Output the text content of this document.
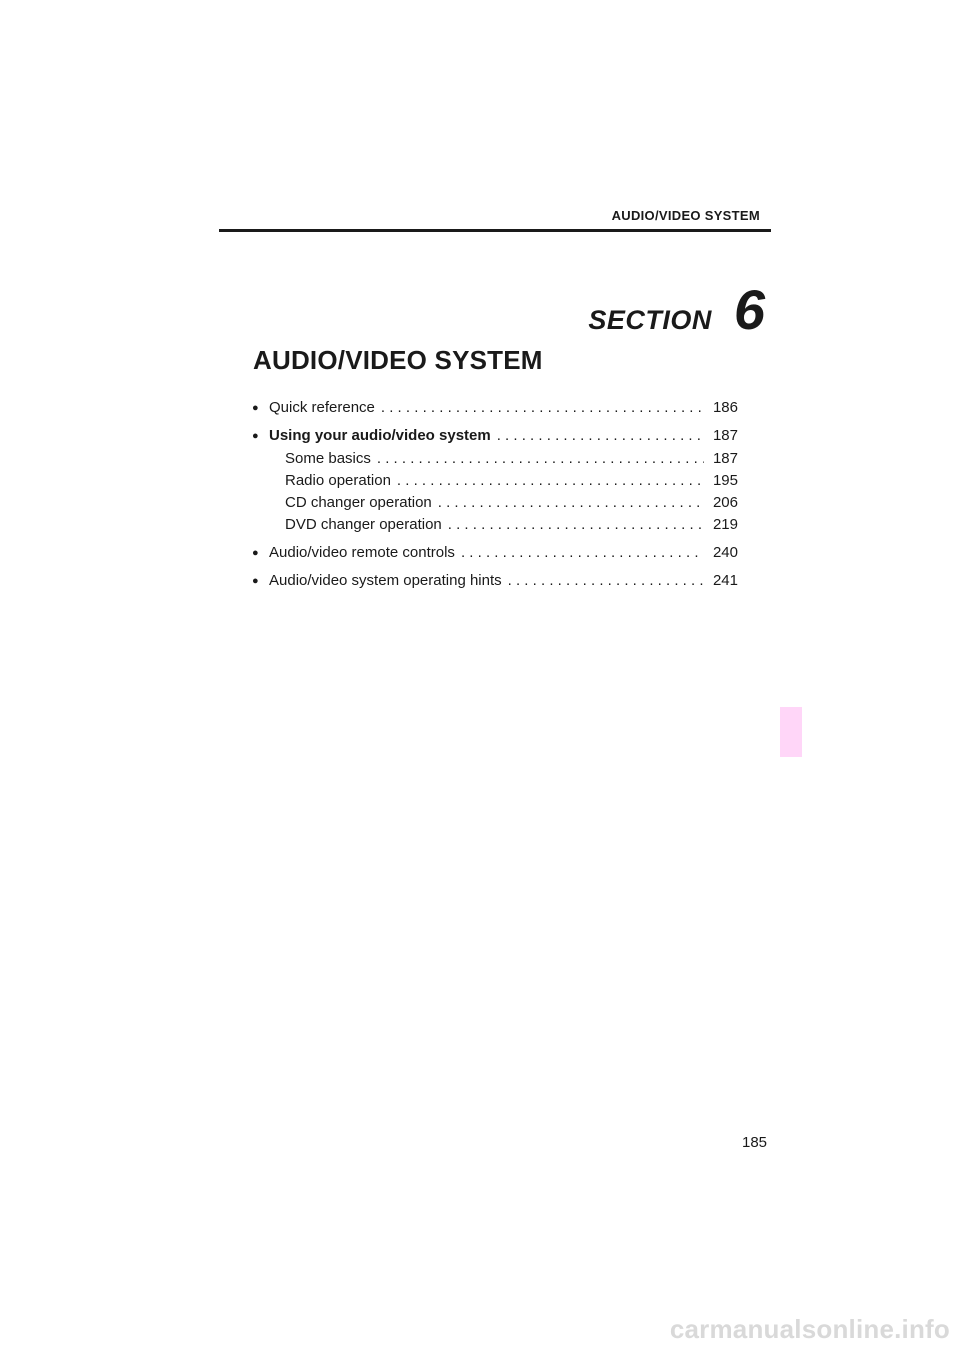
AUDIO/VIDEO SYSTEM
SECTION 6
AUDIO/VIDEO SYSTEM
● Quick reference . . .	186
● Using your audio/video system . . .	187
Some basics . . .	187
Radio operation . . .	195
CD changer operation . . .	206
DVD changer operation . . .	219
● Audio/video remote controls . . .	240
● Audio/video system operating hints . . .	241
185
carmanualsonline.info
